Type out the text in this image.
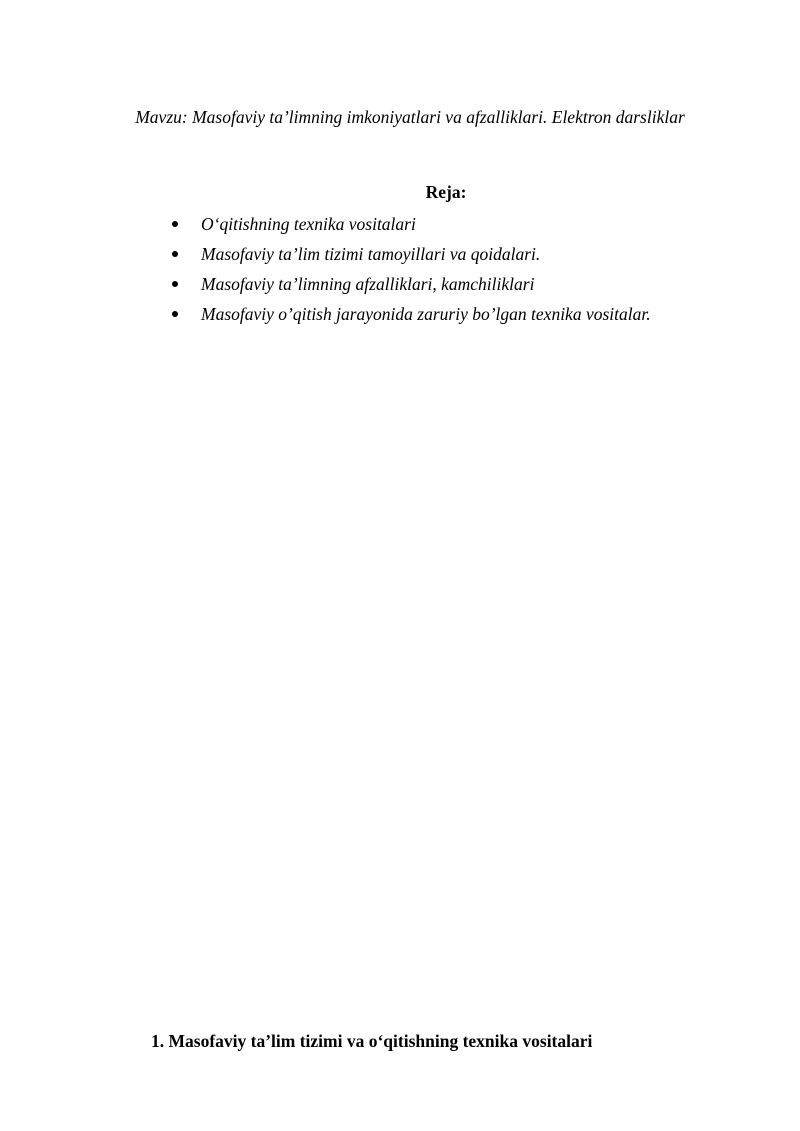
Mavzu: Masofaviy ta’limning imkoniyatlari va afzalliklari. Elektron darsliklar
Reja:
O‘qitishning texnika vositalari
Masofaviy ta’lim tizimi tamoyillari va qoidalari.
Masofaviy ta’limning afzalliklari, kamchiliklari
Masofaviy o’qitish jarayonida zaruriy bo’lgan texnika vositalar.
1. Masofaviy ta’lim tizimi va o‘qitishning texnika vositalari
